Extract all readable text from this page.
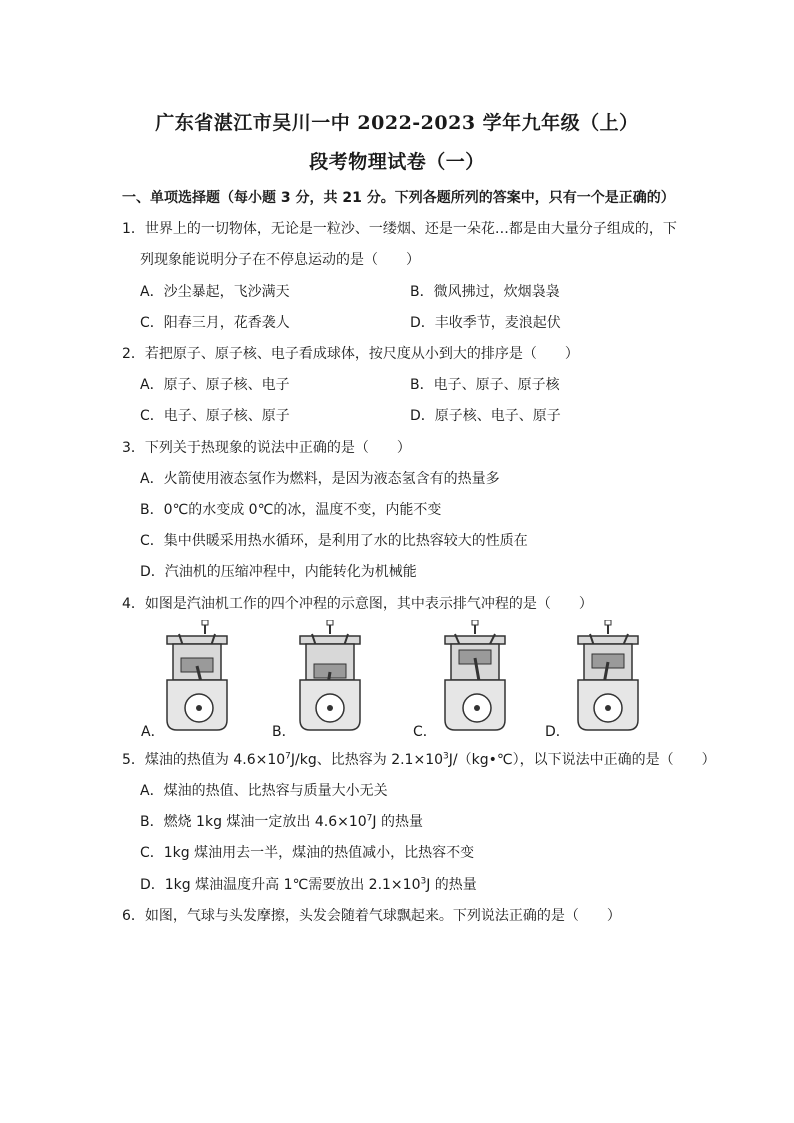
广东省湛江市吴川一中 2022-2023 学年九年级（上）
段考物理试卷（一）
一、单项选择题（每小题 3 分，共 21 分。下列各题所列的答案中，只有一个是正确的）
1．世界上的一切物体，无论是一粒沙、一缕烟、还是一朵花…都是由大量分子组成的，下
列现象能说明分子在不停息运动的是（　　）
A．沙尘暴起，飞沙满天	B．微风拂过，炊烟袅袅
C．阳春三月，花香袭人	D．丰收季节，麦浪起伏
2．若把原子、原子核、电子看成球体，按尺度从小到大的排序是（　　）
A．原子、原子核、电子	B．电子、原子、原子核
C．电子、原子核、原子	D．原子核、电子、原子
3．下列关于热现象的说法中正确的是（　　）
A．火箭使用液态氢作为燃料，是因为液态氢含有的热量多
B．0℃的水变成 0℃的冰，温度不变，内能不变
C．集中供暖采用热水循环，是利用了水的比热容较大的性质在
D．汽油机的压缩冲程中，内能转化为机械能
4．如图是汽油机工作的四个冲程的示意图，其中表示排气冲程的是（　　）
A．	B．	C．	D．
5．煤油的热值为 $4.6\times 10^7J/kg$、比热容为 $2.1\times 10^3J/(kg•℃)$，以下说法中正确的是（　　）
A．煤油的热值、比热容与质量大小无关
B．燃烧 1kg 煤油一定放出 $4.6\times 10^7J$ 的热量
C．1kg 煤油用去一半，煤油的热值减小，比热容不变
D．1kg 煤油温度升高 1℃需要放出 $2.1\times 10^3J$ 的热量
6．如图，气球与头发摩擦，头发会随着气球飘起来。下列说法正确的是（　　）
